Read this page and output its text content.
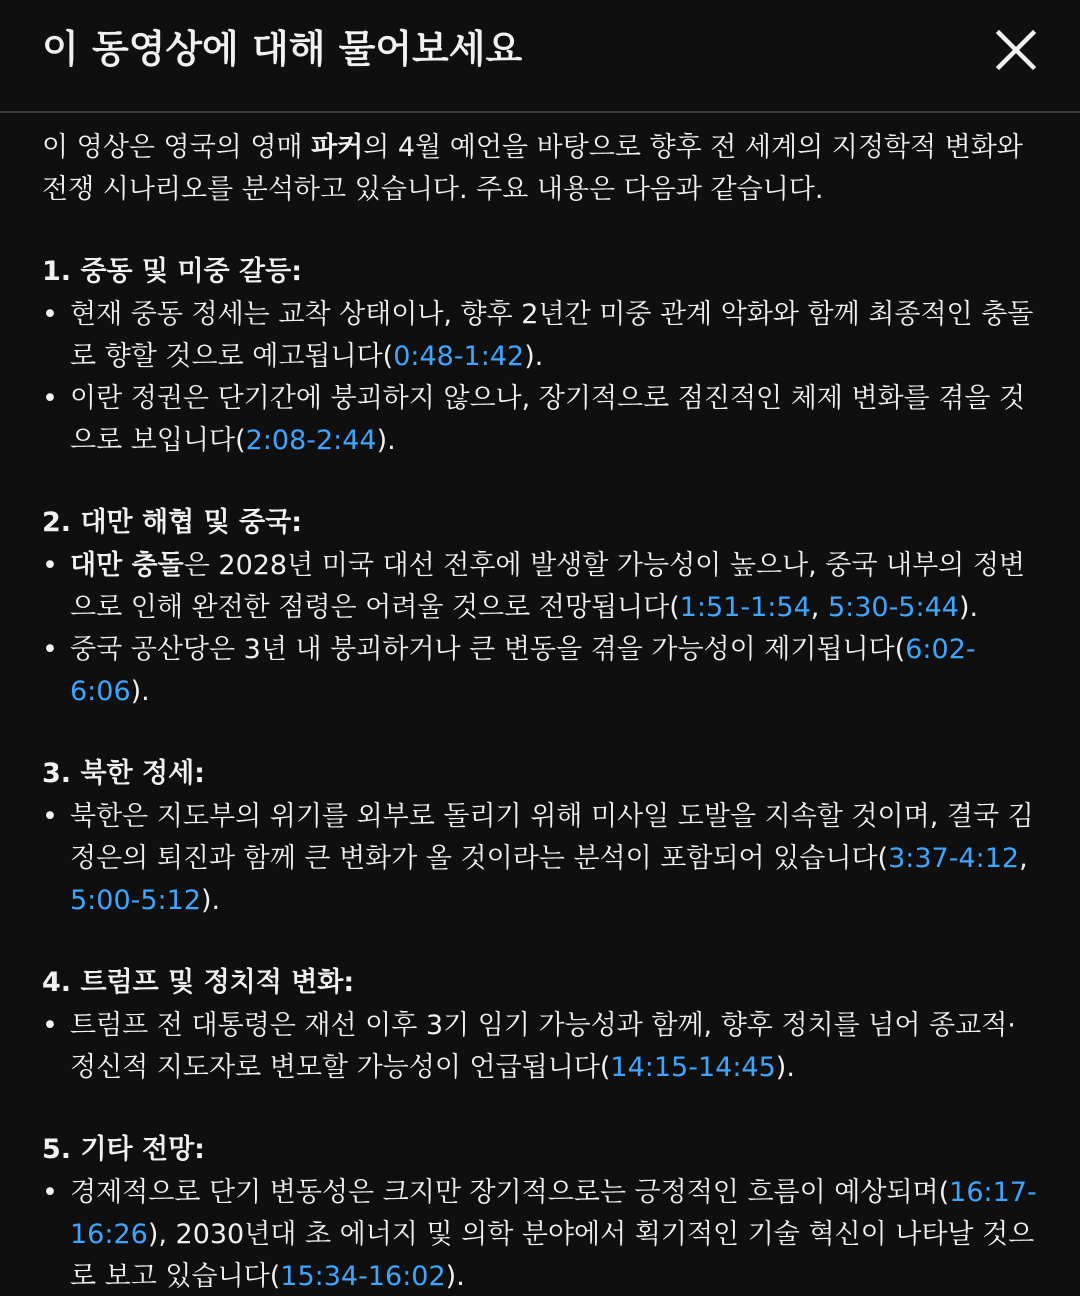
이 동영상에 대해 물어보세요

이 영상은 영국의 영매 파커의 4월 예언을 바탕으로 향후 전 세계의 지정학적 변화와 전쟁 시나리오를 분석하고 있습니다. 주요 내용은 다음과 같습니다.

1. 중동 및 미중 갈등:
• 현재 중동 정세는 교착 상태이나, 향후 2년간 미중 관계 악화와 함께 최종적인 충돌로 향할 것으로 예고됩니다(0:48-1:42).
• 이란 정권은 단기간에 붕괴하지 않으나, 장기적으로 점진적인 체제 변화를 겪을 것으로 보입니다(2:08-2:44).
2. 대만 해협 및 중국:
• 대만 충돌은 2028년 미국 대선 전후에 발생할 가능성이 높으나, 중국 내부의 정변으로 인해 완전한 점령은 어려울 것으로 전망됩니다(1:51-1:54, 5:30-5:44).
• 중국 공산당은 3년 내 붕괴하거나 큰 변동을 겪을 가능성이 제기됩니다(6:02-6:06).
3. 북한 정세:
• 북한은 지도부의 위기를 외부로 돌리기 위해 미사일 도발을 지속할 것이며, 결국 김정은의 퇴진과 함께 큰 변화가 올 것이라는 분석이 포함되어 있습니다(3:37-4:12, 5:00-5:12).
4. 트럼프 및 정치적 변화:
• 트럼프 전 대통령은 재선 이후 3기 임기 가능성과 함께, 향후 정치를 넘어 종교적·정신적 지도자로 변모할 가능성이 언급됩니다(14:15-14:45).
5. 기타 전망:
• 경제적으로 단기 변동성은 크지만 장기적으로는 긍정적인 흐름이 예상되며(16:17-16:26), 2030년대 초 에너지 및 의학 분야에서 획기적인 기술 혁신이 나타날 것으로 보고 있습니다(15:34-16:02).
